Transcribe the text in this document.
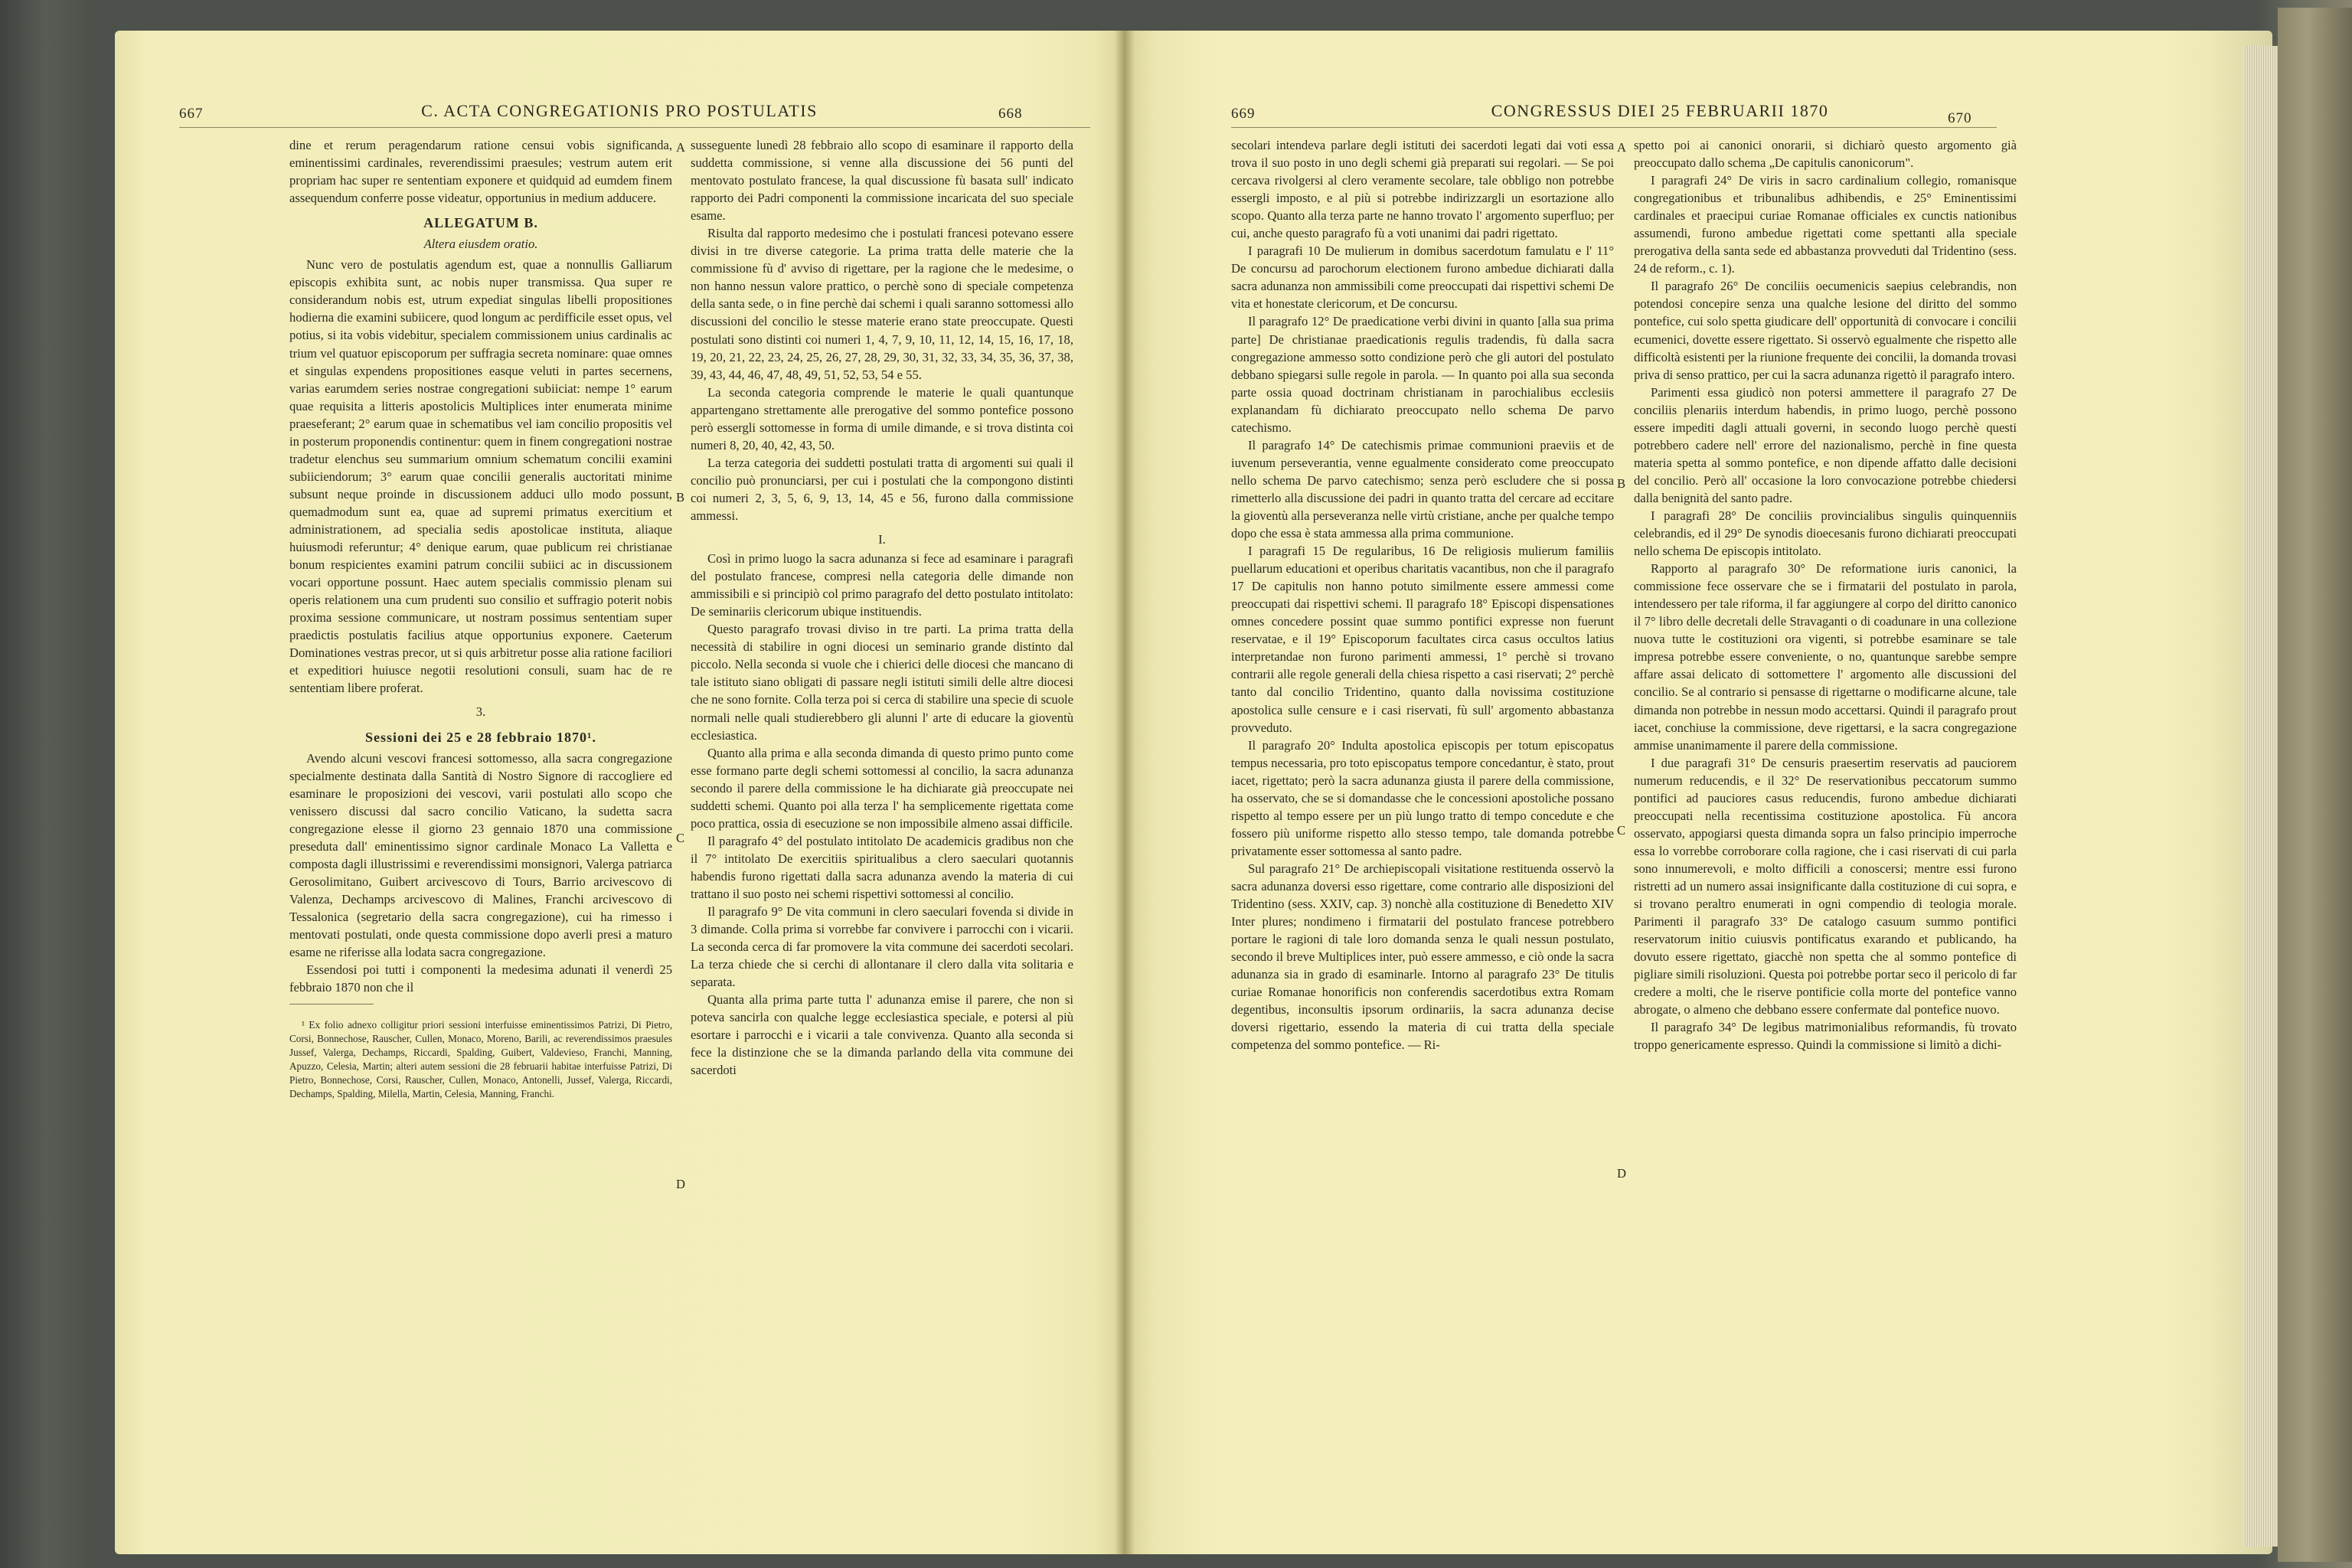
667	C. ACTA CONGREGATIONIS PRO POSTULATIS	668

dine et rerum peragendarum ratione censui vobis significanda, eminentissimi cardinales, reverendissimi praesules; vestrum autem erit propriam hac super re sententiam exponere et quidquid ad eumdem finem assequendum conferre posse videatur, opportunius in medium adducere.

ALLEGATUM B.

Altera eiusdem oratio.

Nunc vero de postulatis agendum est, quae a nonnullis Galliarum episcopis exhibita sunt, ac nobis nuper transmissa. Qua super re considerandum nobis est, utrum expediat singulas libelli propositiones hodierna die examini subiicere, quod longum ac perdifficile esset opus, vel potius, si ita vobis videbitur, specialem commissionem unius cardinalis ac trium vel quatuor episcoporum per suffragia secreta nominare: quae omnes et singulas expendens propositiones easque veluti in partes secernens, varias earumdem series nostrae congregationi subiiciat: nempe 1° earum quae requisita a litteris apostolicis Multiplices inter enumerata minime praeseferant; 2° earum quae in schematibus vel iam concilio propositis vel in posterum proponendis continentur: quem in finem congregationi nostrae tradetur elenchus seu summarium omnium schematum concilii examini subiiciendorum; 3° earum quae concilii generalis auctoritati minime subsunt neque proinde in discussionem adduci ullo modo possunt, quemadmodum sunt ea, quae ad supremi primatus exercitium et administrationem, ad specialia sedis apostolicae instituta, aliaque huiusmodi referuntur; 4° denique earum, quae publicum rei christianae bonum respicientes examini patrum concilii subiici ac in discussionem vocari opportune possunt. Haec autem specialis commissio plenam sui operis relationem una cum prudenti suo consilio et suffragio poterit nobis proxima sessione communicare, ut nostram possimus sententiam super praedictis postulatis facilius atque opportunius exponere. Caeterum Dominationes vestras precor, ut si quis arbitretur posse alia ratione faciliori et expeditiori huiusce negotii resolutioni consuli, suam hac de re sententiam libere proferat.

3.

Sessioni dei 25 e 28 febbraio 1870¹.

Avendo alcuni vescovi francesi sottomesso, alla sacra congregazione specialmente destinata dalla Santità di Nostro Signore di raccogliere ed esaminare le proposizioni dei vescovi, varii postulati allo scopo che venissero discussi dal sacro concilio Vaticano, la sudetta sacra congregazione elesse il giorno 23 gennaio 1870 una commissione preseduta dall' eminentissimo signor cardinale Monaco La Valletta e composta dagli illustrissimi e reverendissimi monsignori, Valerga patriarca Gerosolimitano, Guibert arcivescovo di Tours, Barrio arcivescovo di Valenza, Dechamps arcivescovo di Malines, Franchi arcivescovo di Tessalonica (segretario della sacra congregazione), cui ha rimesso i mentovati postulati, onde questa commissione dopo averli presi a maturo esame ne riferisse alla lodata sacra congregazione.

Essendosi poi tutti i componenti la medesima adunati il venerdì 25 febbraio 1870 non che il

¹ Ex folio adnexo colligitur priori sessioni interfuisse eminentissimos Patrizi, Di Pietro, Corsi, Bonnechose, Rauscher, Cullen, Monaco, Moreno, Barili, ac reverendissimos praesules Jussef, Valerga, Dechamps, Riccardi, Spalding, Guibert, Valdevieso, Franchi, Manning, Apuzzo, Celesia, Martin; alteri autem sessioni die 28 februarii habitae interfuisse Patrizi, Di Pietro, Bonnechose, Corsi, Rauscher, Cullen, Monaco, Antonelli, Jussef, Valerga, Riccardi, Dechamps, Spalding, Milella, Martin, Celesia, Manning, Franchi.

A
B
C
D

susseguente lunedì 28 febbraio allo scopo di esaminare il rapporto della suddetta commissione, si venne alla discussione dei 56 punti del mentovato postulato francese, la qual discussione fù basata sull' indicato rapporto dei Padri componenti la commissione incaricata del suo speciale esame.

Risulta dal rapporto medesimo che i postulati francesi potevano essere divisi in tre diverse categorie. La prima tratta delle materie che la commissione fù d' avviso di rigettare, per la ragione che le medesime, o non hanno nessun valore prattico, o perchè sono di speciale competenza della santa sede, o in fine perchè dai schemi i quali saranno sottomessi allo discussioni del concilio le stesse materie erano state preoccupate. Questi postulati sono distinti coi numeri 1, 4, 7, 9, 10, 11, 12, 14, 15, 16, 17, 18, 19, 20, 21, 22, 23, 24, 25, 26, 27, 28, 29, 30, 31, 32, 33, 34, 35, 36, 37, 38, 39, 43, 44, 46, 47, 48, 49, 51, 52, 53, 54 e 55.

La seconda categoria comprende le materie le quali quantunque appartengano strettamente alle prerogative del sommo pontefice possono però essergli sottomesse in forma di umile dimande, e si trova distinta coi numeri 8, 20, 40, 42, 43, 50.

La terza categoria dei suddetti postulati tratta di argomenti sui quali il concilio può pronunciarsi, per cui i postulati che la compongono distinti coi numeri 2, 3, 5, 6, 9, 13, 14, 45 e 56, furono dalla commissione ammessi.

I.

Così in primo luogo la sacra adunanza si fece ad esaminare i paragrafi del postulato francese, compresi nella categoria delle dimande non ammissibili e si principiò col primo paragrafo del detto postulato intitolato: De seminariis clericorum ubique instituendis.

Questo paragrafo trovasi diviso in tre parti. La prima tratta della necessità di stabilire in ogni diocesi un seminario grande distinto dal piccolo. Nella seconda si vuole che i chierici delle diocesi che mancano di tale istituto siano obligati di passare negli istituti simili delle altre diocesi che ne sono fornite. Colla terza poi si cerca di stabilire una specie di scuole normali nelle quali studierebbero gli alunni l' arte di educare la gioventù ecclesiastica.

Quanto alla prima e alla seconda dimanda di questo primo punto come esse formano parte degli schemi sottomessi al concilio, la sacra adunanza secondo il parere della commissione le ha dichiarate già preoccupate nei suddetti schemi. Quanto poi alla terza l' ha semplicemente rigettata come poco prattica, ossia di esecuzione se non impossibile almeno assai difficile.

Il paragrafo 4° del postulato intitolato De academicis gradibus non che il 7° intitolato De exercitiis spiritualibus a clero saeculari quotannis habendis furono rigettati dalla sacra adunanza avendo la materia di cui trattano il suo posto nei schemi rispettivi sottomessi al concilio.

Il paragrafo 9° De vita communi in clero saeculari fovenda si divide in 3 dimande. Colla prima si vorrebbe far convivere i parrocchi con i vicarii. La seconda cerca di far promovere la vita commune dei sacerdoti secolari. La terza chiede che si cerchi di allontanare il clero dalla vita solitaria e separata.

Quanta alla prima parte tutta l' adunanza emise il parere, che non si poteva sancirla con qualche legge ecclesiastica speciale, e potersi al più esortare i parrocchi e i vicarii a tale convivenza. Quanto alla seconda si fece la distinzione che se la dimanda parlando della vita commune dei sacerdoti

669	CONGRESSUS DIEI 25 FEBRUARII 1870	670

secolari intendeva parlare degli istituti dei sacerdoti legati dai voti essa trova il suo posto in uno degli schemi già preparati sui regolari. — Se poi cercava rivolgersi al clero veramente secolare, tale obbligo non potrebbe essergli imposto, e al più si potrebbe indirizzargli un esortazione allo scopo. Quanto alla terza parte ne hanno trovato l' argomento superfluo; per cui, anche questo paragrafo fù a voti unanimi dai padri rigettato.

I paragrafi 10 De mulierum in domibus sacerdotum famulatu e l' 11° De concursu ad parochorum electionem furono ambedue dichiarati dalla sacra adunanza non ammissibili come preoccupati dai rispettivi schemi De vita et honestate clericorum, et De concursu.

Il paragrafo 12° De praedicatione verbi divini in quanto [alla sua prima parte] De christianae praedicationis regulis tradendis, fù dalla sacra congregazione ammesso sotto condizione però che gli autori del postulato debbano spiegarsi sulle regole in parola. — In quanto poi alla sua seconda parte ossia quoad doctrinam christianam in parochialibus ecclesiis explanandam fù dichiarato preoccupato nello schema De parvo catechismo.

Il paragrafo 14° De catechismis primae communioni praeviis et de iuvenum perseverantia, venne egualmente considerato come preoccupato nello schema De parvo catechismo; senza però escludere che si possa rimetterlo alla discussione dei padri in quanto tratta del cercare ad eccitare la gioventù alla perseveranza nelle virtù cristiane, anche per qualche tempo dopo che essa è stata ammessa alla prima communione.

I paragrafi 15 De regularibus, 16 De religiosis mulierum familiis puellarum educationi et operibus charitatis vacantibus, non che il paragrafo 17 De capitulis non hanno potuto similmente essere ammessi come preoccupati dai rispettivi schemi. Il paragrafo 18° Episcopi dispensationes omnes concedere possint quae summo pontifici expresse non fuerunt reservatae, e il 19° Episcoporum facultates circa casus occultos latius interpretandae non furono parimenti ammessi, 1° perchè si trovano contrarii alle regole generali della chiesa rispetto a casi riservati; 2° perchè tanto dal concilio Tridentino, quanto dalla novissima costituzione apostolica sulle censure e i casi riservati, fù sull' argomento abbastanza provveduto.

Il paragrafo 20° Indulta apostolica episcopis per totum episcopatus tempus necessaria, pro toto episcopatus tempore concedantur, è stato, prout iacet, rigettato; però la sacra adunanza giusta il parere della commissione, ha osservato, che se si domandasse che le concessioni apostoliche possano rispetto al tempo essere per un più lungo tratto di tempo concedute e che fossero più uniforme rispetto allo stesso tempo, tale domanda potrebbe privatamente esser sottomessa al santo padre.

Sul paragrafo 21° De archiepiscopali visitatione restituenda osservò la sacra adunanza doversi esso rigettare, come contrario alle disposizioni del Tridentino (sess. XXIV, cap. 3) nonchè alla costituzione di Benedetto XIV Inter plures; nondimeno i firmatarii del postulato francese potrebbero portare le ragioni di tale loro domanda senza le quali nessun postulato, secondo il breve Multiplices inter, può essere ammesso, e ciò onde la sacra adunanza sia in grado di esaminarle. Intorno al paragrafo 23° De titulis curiae Romanae honorificis non conferendis sacerdotibus extra Romam degentibus, inconsultis ipsorum ordinariis, la sacra adunanza decise doversi rigettario, essendo la materia di cui tratta della speciale competenza del sommo pontefice. — Ri-

A
B
C
D

spetto poi ai canonici onorarii, si dichiarò questo argomento già preoccupato dallo schema „De capitulis canonicorum".

I paragrafi 24° De viris in sacro cardinalium collegio, romanisque congregationibus et tribunalibus adhibendis, e 25° Eminentissimi cardinales et praecipui curiae Romanae officiales ex cunctis nationibus assumendi, furono ambedue rigettati come spettanti alla speciale prerogativa della santa sede ed abbastanza provveduti dal Tridentino (sess. 24 de reform., c. 1).

Il paragrafo 26° De conciliis oecumenicis saepius celebrandis, non potendosi concepire senza una qualche lesione del diritto del sommo pontefice, cui solo spetta giudicare dell' opportunità di convocare i concilii ecumenici, dovette essere rigettato. Si osservò egualmente che rispetto alle difficoltà esistenti per la riunione frequente dei concilii, la domanda trovasi priva di senso prattico, per cui la sacra adunanza rigettò il paragrafo intero.

Parimenti essa giudicò non potersi ammettere il paragrafo 27 De conciliis plenariis interdum habendis, in primo luogo, perchè possono essere impediti dagli attuali governi, in secondo luogo perchè questi potrebbero cadere nell' errore del nazionalismo, perchè in fine questa materia spetta al sommo pontefice, e non dipende affatto dalle decisioni del concilio. Però all' occasione la loro convocazione potrebbe chiedersi dalla benignità del santo padre.

I paragrafi 28° De conciliis provincialibus singulis quinquenniis celebrandis, ed il 29° De synodis dioecesanis furono dichiarati preoccupati nello schema De episcopis intitolato.

Rapporto al paragrafo 30° De reformatione iuris canonici, la commissione fece osservare che se i firmatarii del postulato in parola, intendessero per tale riforma, il far aggiungere al corpo del diritto canonico il 7° libro delle decretali delle Stravaganti o di coadunare in una collezione nuova tutte le costituzioni ora vigenti, si potrebbe esaminare se tale impresa potrebbe essere conveniente, o no, quantunque sarebbe sempre affare assai delicato di sottomettere l' argomento alle discussioni del concilio. Se al contrario si pensasse di rigettarne o modificarne alcune, tale dimanda non potrebbe in nessun modo accettarsi. Quindi il paragrafo prout iacet, conchiuse la commissione, deve rigettarsi, e la sacra congregazione ammise unanimamente il parere della commissione.

I due paragrafi 31° De censuris praesertim reservatis ad pauciorem numerum reducendis, e il 32° De reservationibus peccatorum summo pontifici ad pauciores casus reducendis, furono ambedue dichiarati preoccupati nella recentissima costituzione apostolica. Fù ancora osservato, appogiarsi questa dimanda sopra un falso principio imperroche essa lo vorrebbe corroborare colla ragione, che i casi riservati di cui parla sono innumerevoli, e molto difficili a conoscersi; mentre essi furono ristretti ad un numero assai insignificante dalla costituzione di cui sopra, e si trovano peraltro enumerati in ogni compendio di teologia morale. Parimenti il paragrafo 33° De catalogo casuum summo pontifici reservatorum initio cuiusvis pontificatus exarando et publicando, ha dovuto essere rigettato, giacchè non spetta che al sommo pontefice di pigliare simili risoluzioni. Questa poi potrebbe portar seco il pericolo di far credere a molti, che le riserve pontificie colla morte del pontefice vanno abrogate, o almeno che debbano essere confermate dal pontefice nuovo.

Il paragrafo 34° De legibus matrimonialibus reformandis, fù trovato troppo genericamente espresso. Quindi la commissione si limitò a dichi-
